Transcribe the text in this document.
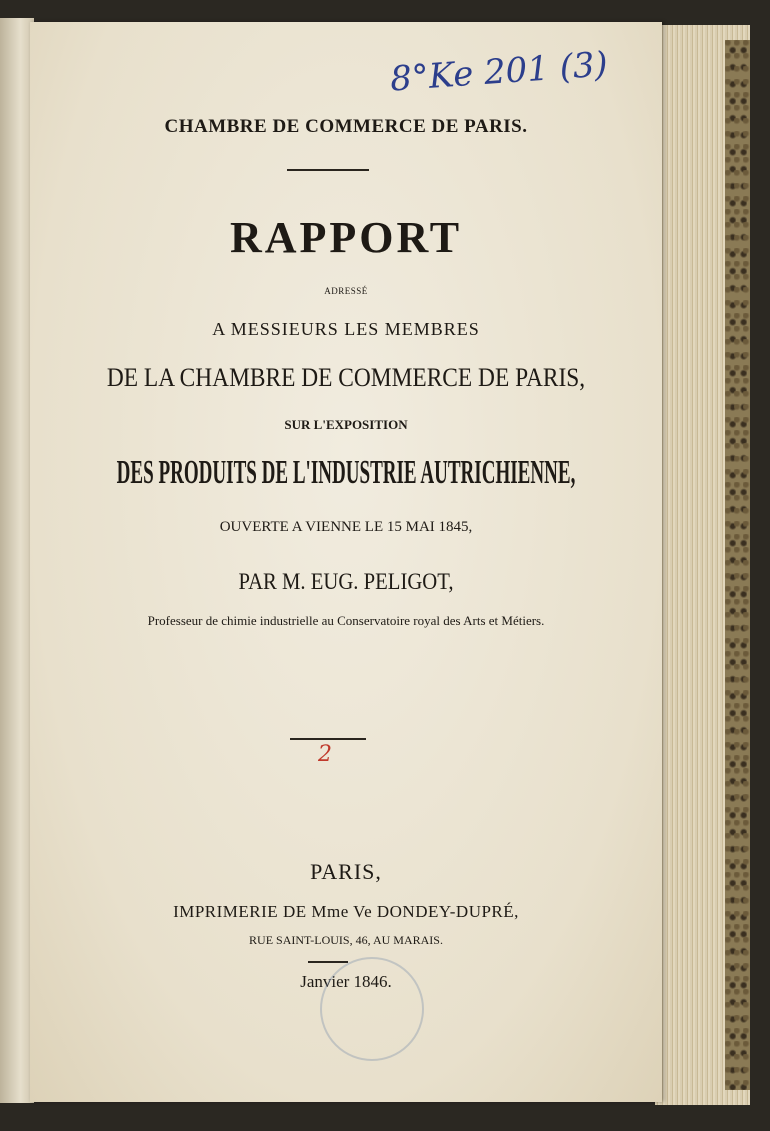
8°Ke 201 (3)
CHAMBRE DE COMMERCE DE PARIS.
RAPPORT
ADRESSÉ
A MESSIEURS LES MEMBRES
DE LA CHAMBRE DE COMMERCE DE PARIS,
SUR L'EXPOSITION
DES PRODUITS DE L'INDUSTRIE AUTRICHIENNE,
OUVERTE A VIENNE LE 15 MAI 1845,
PAR M. EUG. PELIGOT,
Professeur de chimie industrielle au Conservatoire royal des Arts et Métiers.
2
PARIS,
IMPRIMERIE DE Mme Ve DONDEY-DUPRÉ,
RUE SAINT-LOUIS, 46, AU MARAIS.
Janvier 1846.
